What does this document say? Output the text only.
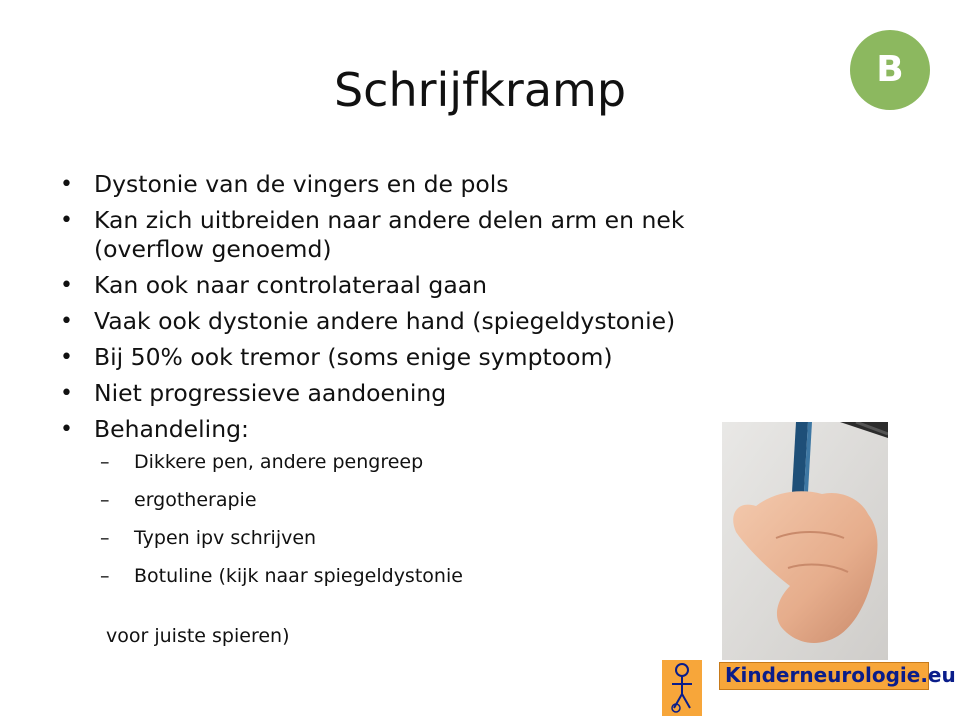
Schrijfkramp	B
• Dystonie van de vingers en de pols
• Kan zich uitbreiden naar andere delen arm en nek (overflow genoemd)
• Kan ook naar controlateraal gaan
• Vaak ook dystonie andere hand (spiegeldystonie)
• Bij 50% ook tremor (soms enige symptoom)
• Niet progressieve aandoening
• Behandeling:
– Dikkere pen, andere pengreep
– ergotherapie
– Typen ipv schrijven
– Botuline (kijk naar spiegeldystonie
voor juiste spieren)
Kinderneurologie.eu
